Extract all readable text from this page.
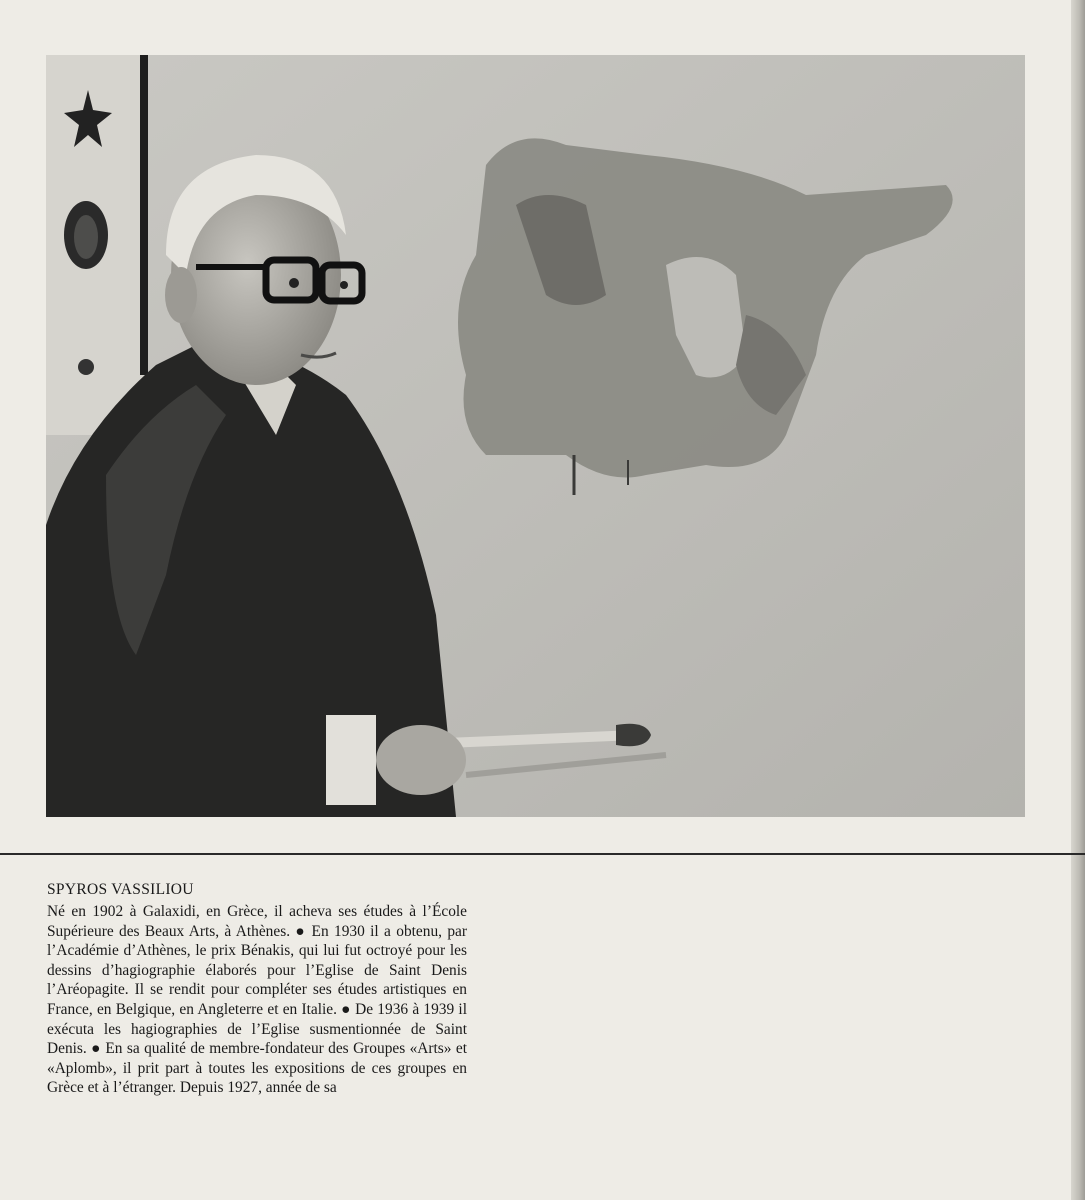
SPYROS VASSILIOU

Né en 1902 à Galaxidi, en Grèce, il acheva ses études à l’École Supérieure des Beaux Arts, à Athènes. ● En 1930 il a obtenu, par l’Académie d’Athènes, le prix Bénakis, qui lui fut octroyé pour les dessins d’hagiographie élaborés pour l’Eglise de Saint Denis l’Aréopagite. Il se rendit pour compléter ses études artistiques en France, en Belgique, en Angleterre et en Italie. ● De 1936 à 1939 il exécuta les hagiographies de l’Eglise susmentionnée de Saint Denis. ● En sa qualité de membre-fondateur des Groupes «Arts» et «Aplomb», il prit part à toutes les expositions de ces groupes en Grèce et à l’étranger. Depuis 1927, année de sa
